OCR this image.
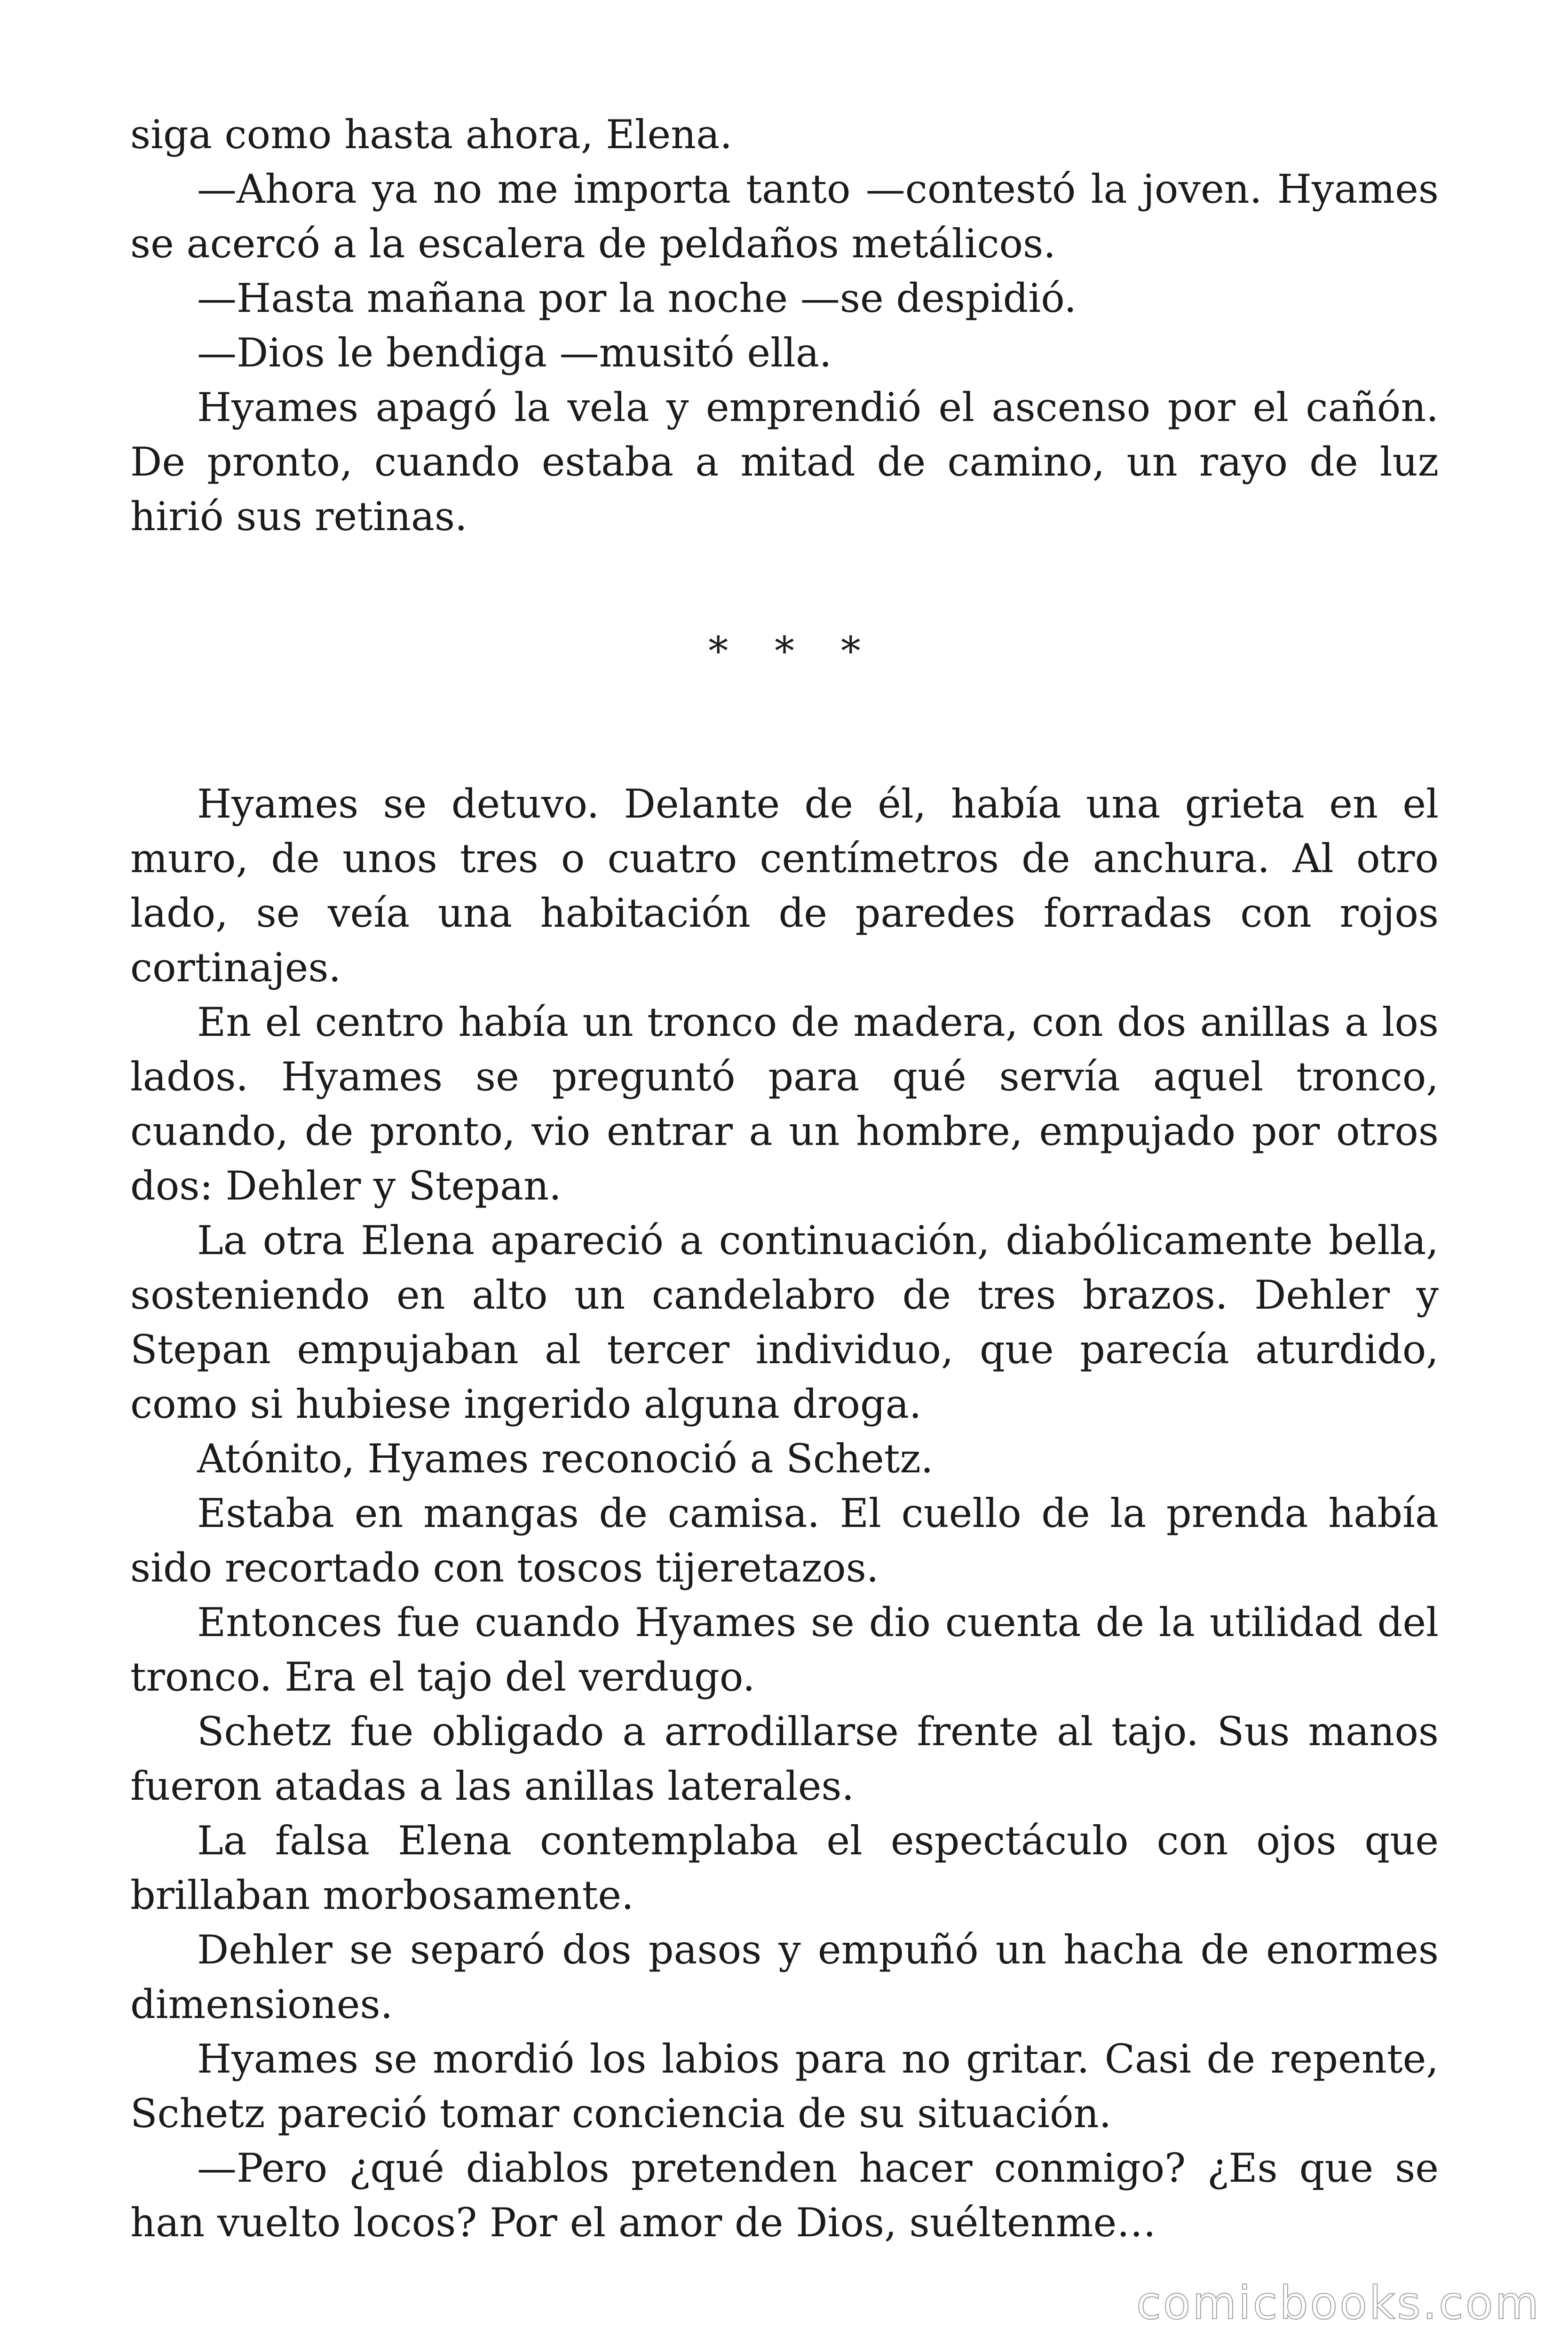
siga como hasta ahora, Elena.

—Ahora ya no me importa tanto —contestó la joven. Hyames se acercó a la escalera de peldaños metálicos.

—Hasta mañana por la noche —se despidió.

—Dios le bendiga —musitó ella.

Hyames apagó la vela y emprendió el ascenso por el cañón. De pronto, cuando estaba a mitad de camino, un rayo de luz hirió sus retinas.

* * *

Hyames se detuvo. Delante de él, había una grieta en el muro, de unos tres o cuatro centímetros de anchura. Al otro lado, se veía una habitación de paredes forradas con rojos cortinajes.

En el centro había un tronco de madera, con dos anillas a los lados. Hyames se preguntó para qué servía aquel tronco, cuando, de pronto, vio entrar a un hombre, empujado por otros dos: Dehler y Stepan.

La otra Elena apareció a continuación, diabólicamente bella, sosteniendo en alto un candelabro de tres brazos. Dehler y Stepan empujaban al tercer individuo, que parecía aturdido, como si hubiese ingerido alguna droga.

Atónito, Hyames reconoció a Schetz.

Estaba en mangas de camisa. El cuello de la prenda había sido recortado con toscos tijeretazos.

Entonces fue cuando Hyames se dio cuenta de la utilidad del tronco. Era el tajo del verdugo.

Schetz fue obligado a arrodillarse frente al tajo. Sus manos fueron atadas a las anillas laterales.

La falsa Elena contemplaba el espectáculo con ojos que brillaban morbosamente.

Dehler se separó dos pasos y empuñó un hacha de enormes dimensiones.

Hyames se mordió los labios para no gritar. Casi de repente, Schetz pareció tomar conciencia de su situación.

—Pero ¿qué diablos pretenden hacer conmigo? ¿Es que se han vuelto locos? Por el amor de Dios, suéltenme…

comicbooks.com
